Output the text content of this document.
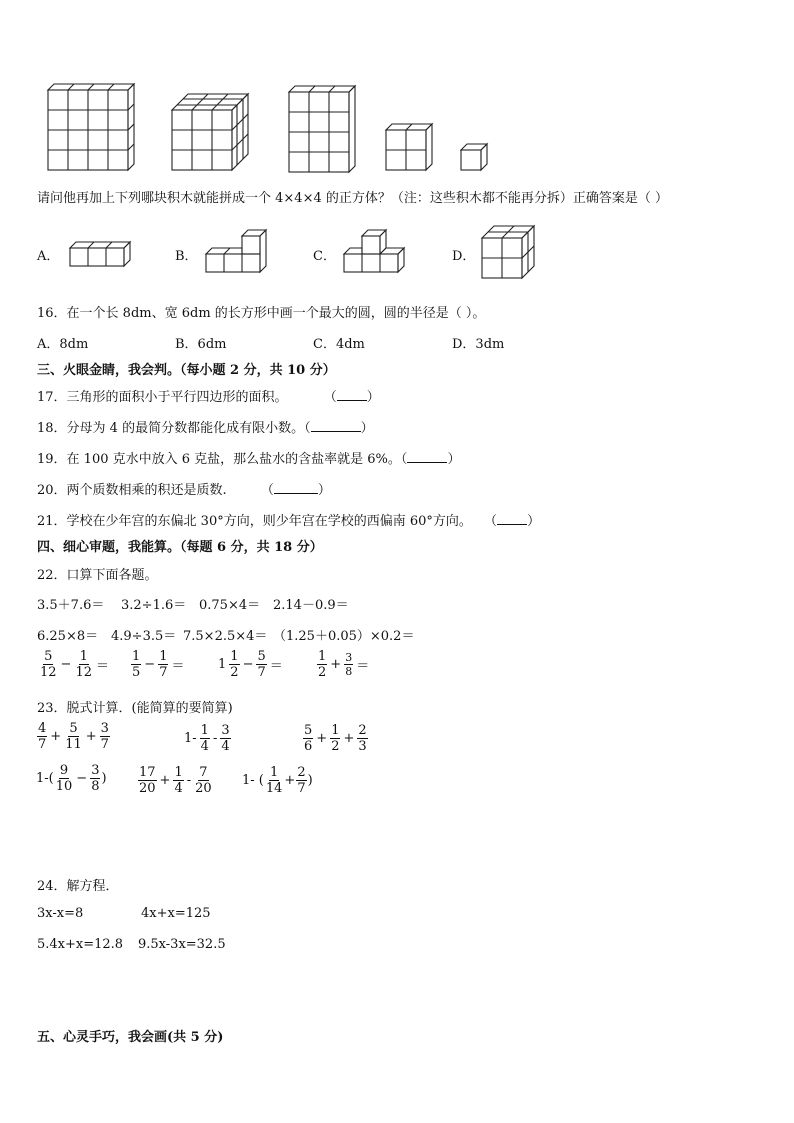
请问他再加上下列哪块积木就能拼成一个 4×4×4 的正方体？（注：这些积木都不能再分拆）正确答案是（ ）
A．	B．	C．	D．
16．在一个长 8dm、宽 6dm 的长方形中画一个最大的圆，圆的半径是（ ）。
A．8dm	B．6dm	C．4dm	D．3dm
三、火眼金睛，我会判。（每小题 2 分，共 10 分）
17．三角形的面积小于平行四边形的面积。	（ ）
18．分母为 4 的最简分数都能化成有限小数。（	）
19．在 100 克水中放入 6 克盐，那么盐水的含盐率就是 6%。（	）
20．两个质数相乘的积还是质数.	（	）
21．学校在少年宫的东偏北 30°方向，则少年宫在学校的西偏南 60°方向。 （ ）
四、细心审题，我能算。（每题 6 分，共 18 分）
22．口算下面各题。
3.5＋7.6＝ 3.2÷1.6＝ 0.75×4＝ 2.14－0.9＝
6.25×8＝ 4.9÷3.5＝ 7.5×2.5×4＝ （1.25＋0.05）×0.2＝
$\frac{5}{12} - \frac{1}{12} = \frac{1}{5} - \frac{1}{7}$ ＝	$1 \frac{1}{2} - \frac{5}{7}$ ＝	$\frac{1}{2} + \frac{3}{8}$ ＝
23．脱式计算．(能简算的要简算)
$\frac{4}{7} + \frac{5}{11} + \frac{3}{7}$	$1- \frac{1}{4} - \frac{3}{4}$	$\frac{5}{6} + \frac{1}{2} + \frac{2}{3}$
$1-( \frac{9}{10} - \frac{3}{8}$ ) $\frac{17}{20} + \frac{1}{4} - \frac{7}{20} 1-$ ( $\frac{1}{14} + \frac{2}{7}$ )
24．解方程．
3x-x=8	4x+x=125
5.4x+x=12.8 9.5x-3x=32.5
五、心灵手巧，我会画(共 5 分)
